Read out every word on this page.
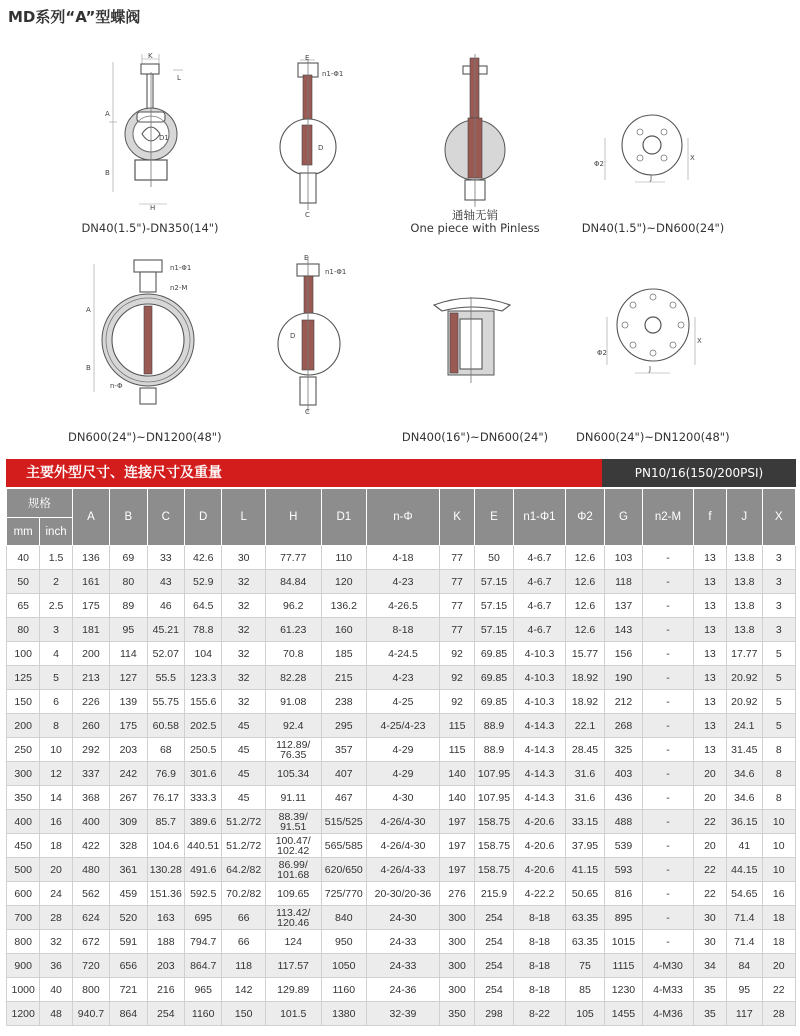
MD系列“A”型蝶阀
K
L
A
B
H
D1
E
n1-Φ1
D
C	通轴无销
One piece with Pinless
Φ2
X
J
DN40(1.5")-DN350(14")	DN40(1.5")~DN600(24")
n1-Φ1
n2-M
n-Φ
A
B
E
n1-Φ1
D
C
Φ2
X
J
DN600(24")~DN1200(48")	DN400(16")~DN600(24") DN600(24")~DN1200(48")
主要外型尺寸、连接尺寸及重量	PN10/16(150/200PSI)
规格		A	B	C	D	L	H	D1	n-Φ	K	E	n1-Φ1	Φ2	G	n2-M	f	J	X
mm	inch																	
40	1.5	136	69	33	42.6	30	77.77	110	4-18	77	50	4-6.7	12.6	103	-	13	13.8	3
50	2	161	80	43	52.9	32	84.84	120	4-23	77	57.15	4-6.7	12.6	118	-	13	13.8	3
65	2.5	175	89	46	64.5	32	96.2	136.2	4-26.5	77	57.15	4-6.7	12.6	137	-	13	13.8	3
80	3	181	95	45.21	78.8	32	61.23	160	8-18	77	57.15	4-6.7	12.6	143	-	13	13.8	3
100	4	200	114	52.07	104	32	70.8	185	4-24.5	92	69.85	4-10.3	15.77	156	-	13	17.77	5
125	5	213	127	55.5	123.3	32	82.28	215	4-23	92	69.85	4-10.3	18.92	190	-	13	20.92	5
150	6	226	139	55.75	155.6	32	91.08	238	4-25	92	69.85	4-10.3	18.92	212	-	13	20.92	5
200	8	260	175	60.58	202.5	45	92.4	295	4-25/4-23	115	88.9	4-14.3	22.1	268	-	13	24.1	5
250	10	292	203	68	250.5	45	112.89/
76.35	357	4-29	115	88.9	4-14.3	28.45	325	-	13	31.45	8
300	12	337	242	76.9	301.6	45	105.34	407	4-29	140	107.95	4-14.3	31.6	403	-	20	34.6	8
350	14	368	267	76.17	333.3	45	91.11	467	4-30	140	107.95	4-14.3	31.6	436	-	20	34.6	8
400	16	400	309	85.7	389.6	51.2/72	88.39/
91.51	515/525	4-26/4-30	197	158.75	4-20.6	33.15	488	-	22	36.15	10
450	18	422	328	104.6	440.51	51.2/72	100.47/
102.42	565/585	4-26/4-30	197	158.75	4-20.6	37.95	539	-	20	41	10
500	20	480	361	130.28	491.6	64.2/82	86.99/
101.68	620/650	4-26/4-33	197	158.75	4-20.6	41.15	593	-	22	44.15	10
600	24	562	459	151.36	592.5	70.2/82	109.65	725/770	20-30/20-36	276	215.9	4-22.2	50.65	816	-	22	54.65	16
700	28	624	520	163	695	66	113.42/
120.46	840	24-30	300	254	8-18	63.35	895	-	30	71.4	18
800	32	672	591	188	794.7	66	124	950	24-33	300	254	8-18	63.35	1015	-	30	71.4	18
900	36	720	656	203	864.7	118	117.57	1050	24-33	300	254	8-18	75	1115	4-M30	34	84	20
1000	40	800	721	216	965	142	129.89	1160	24-36	300	254	8-18	85	1230	4-M33	35	95	22
1200	48	940.7	864	254	1160	150	101.5	1380	32-39	350	298	8-22	105	1455	4-M36	35	117	28
